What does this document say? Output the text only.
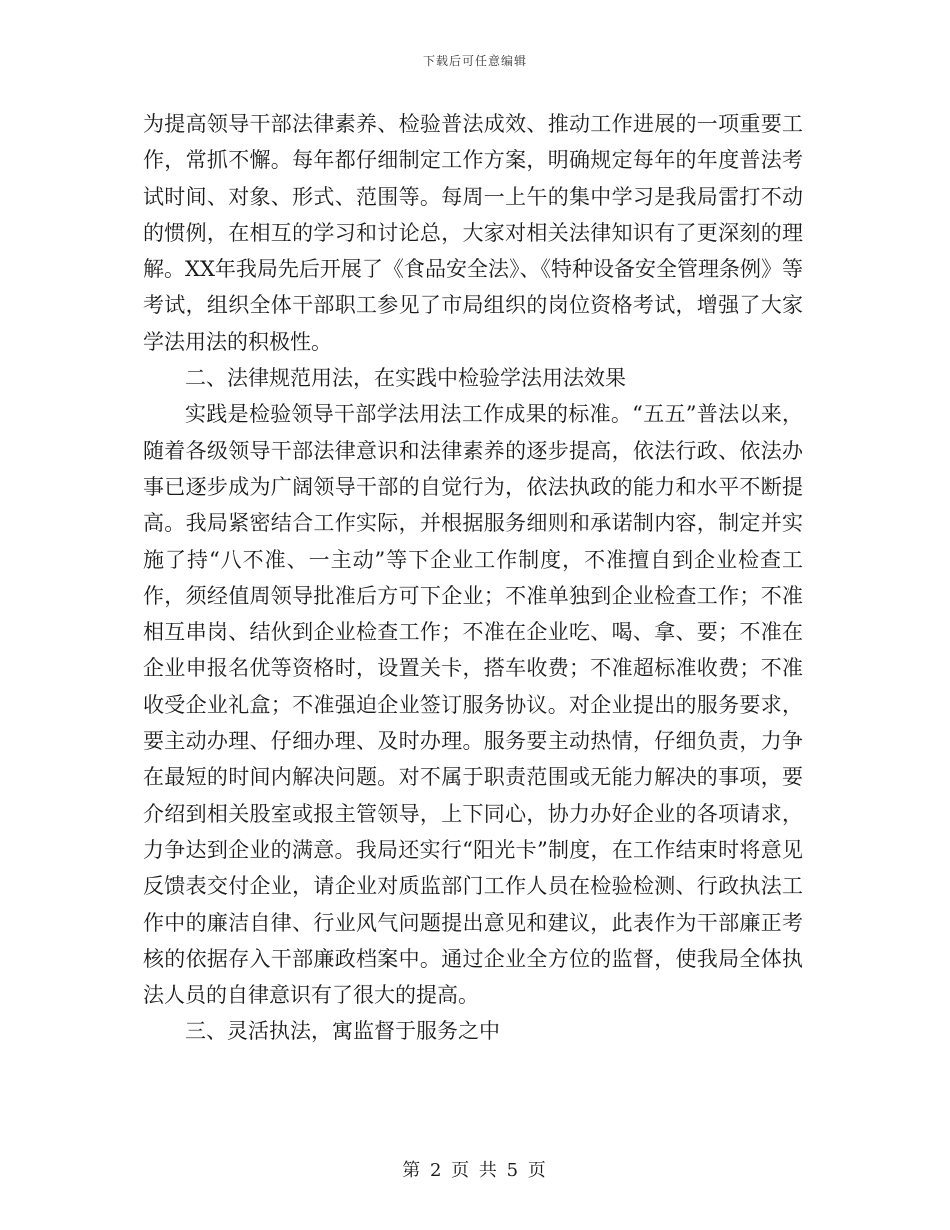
下载后可任意编辑

为提高领导干部法律素养、检验普法成效、推动工作进展的一项重要工作，常抓不懈。每年都仔细制定工作方案，明确规定每年的年度普法考试时间、对象、形式、范围等。每周一上午的集中学习是我局雷打不动的惯例，在相互的学习和讨论总，大家对相关法律知识有了更深刻的理解。XX年我局先后开展了《食品安全法》、《特种设备安全管理条例》等考试，组织全体干部职工参见了市局组织的岗位资格考试，增强了大家学法用法的积极性。

二、法律规范用法，在实践中检验学法用法效果

实践是检验领导干部学法用法工作成果的标准。“五五”普法以来，随着各级领导干部法律意识和法律素养的逐步提高，依法行政、依法办事已逐步成为广阔领导干部的自觉行为，依法执政的能力和水平不断提高。我局紧密结合工作实际，并根据服务细则和承诺制内容，制定并实施了持“八不准、一主动”等下企业工作制度，不准擅自到企业检查工作，须经值周领导批准后方可下企业；不准单独到企业检查工作；不准相互串岗、结伙到企业检查工作；不准在企业吃、喝、拿、要；不准在企业申报名优等资格时，设置关卡，搭车收费；不准超标准收费；不准收受企业礼盒；不准强迫企业签订服务协议。对企业提出的服务要求，要主动办理、仔细办理、及时办理。服务要主动热情，仔细负责，力争在最短的时间内解决问题。对不属于职责范围或无能力解决的事项，要介绍到相关股室或报主管领导，上下同心，协力办好企业的各项请求，力争达到企业的满意。我局还实行“阳光卡”制度，在工作结束时将意见反馈表交付企业，请企业对质监部门工作人员在检验检测、行政执法工作中的廉洁自律、行业风气问题提出意见和建议，此表作为干部廉正考核的依据存入干部廉政档案中。通过企业全方位的监督，使我局全体执法人员的自律意识有了很大的提高。

三、灵活执法，寓监督于服务之中

第 2 页 共 5 页
